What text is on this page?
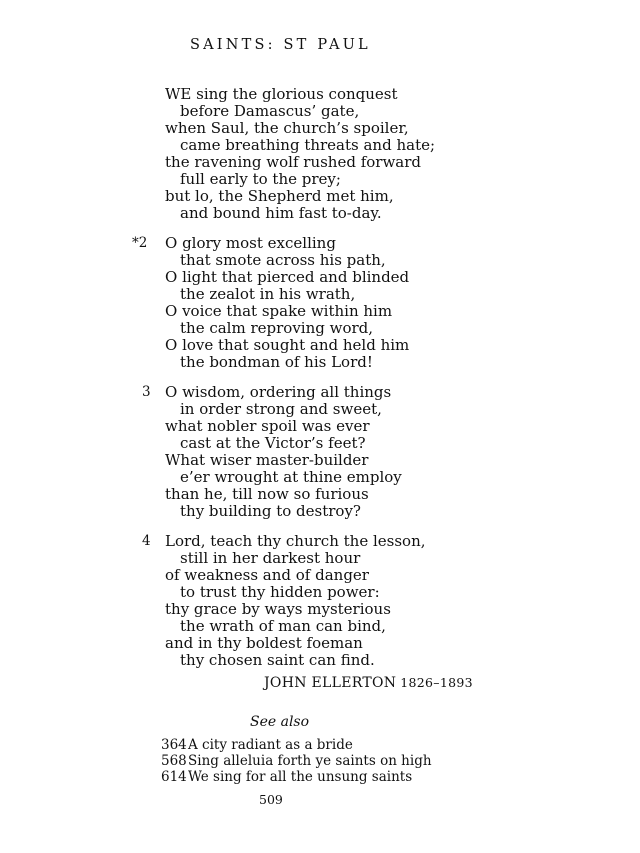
SAINTS: ST PAUL
WE sing the glorious conquest
before Damascus’ gate,
when Saul, the church’s spoiler,
came breathing threats and hate;
the ravening wolf rushed forward
full early to the prey;
but lo, the Shepherd met him,
and bound him fast to-day.
*2 O glory most excelling
that smote across his path,
O light that pierced and blinded
the zealot in his wrath,
O voice that spake within him
the calm reproving word,
O love that sought and held him
the bondman of his Lord!
3 O wisdom, ordering all things
in order strong and sweet,
what nobler spoil was ever
cast at the Victor’s feet?
What wiser master-builder
e’er wrought at thine employ
than he, till now so furious
thy building to destroy?
4 Lord, teach thy church the lesson,
still in her darkest hour
of weakness and of danger
to trust thy hidden power:
thy grace by ways mysterious
the wrath of man can bind,
and in thy boldest foeman
thy chosen saint can find.
JOHN ELLERTON 1826–1893
See also
364A city radiant as a bride
568Sing alleluia forth ye saints on high
614We sing for all the unsung saints
509
